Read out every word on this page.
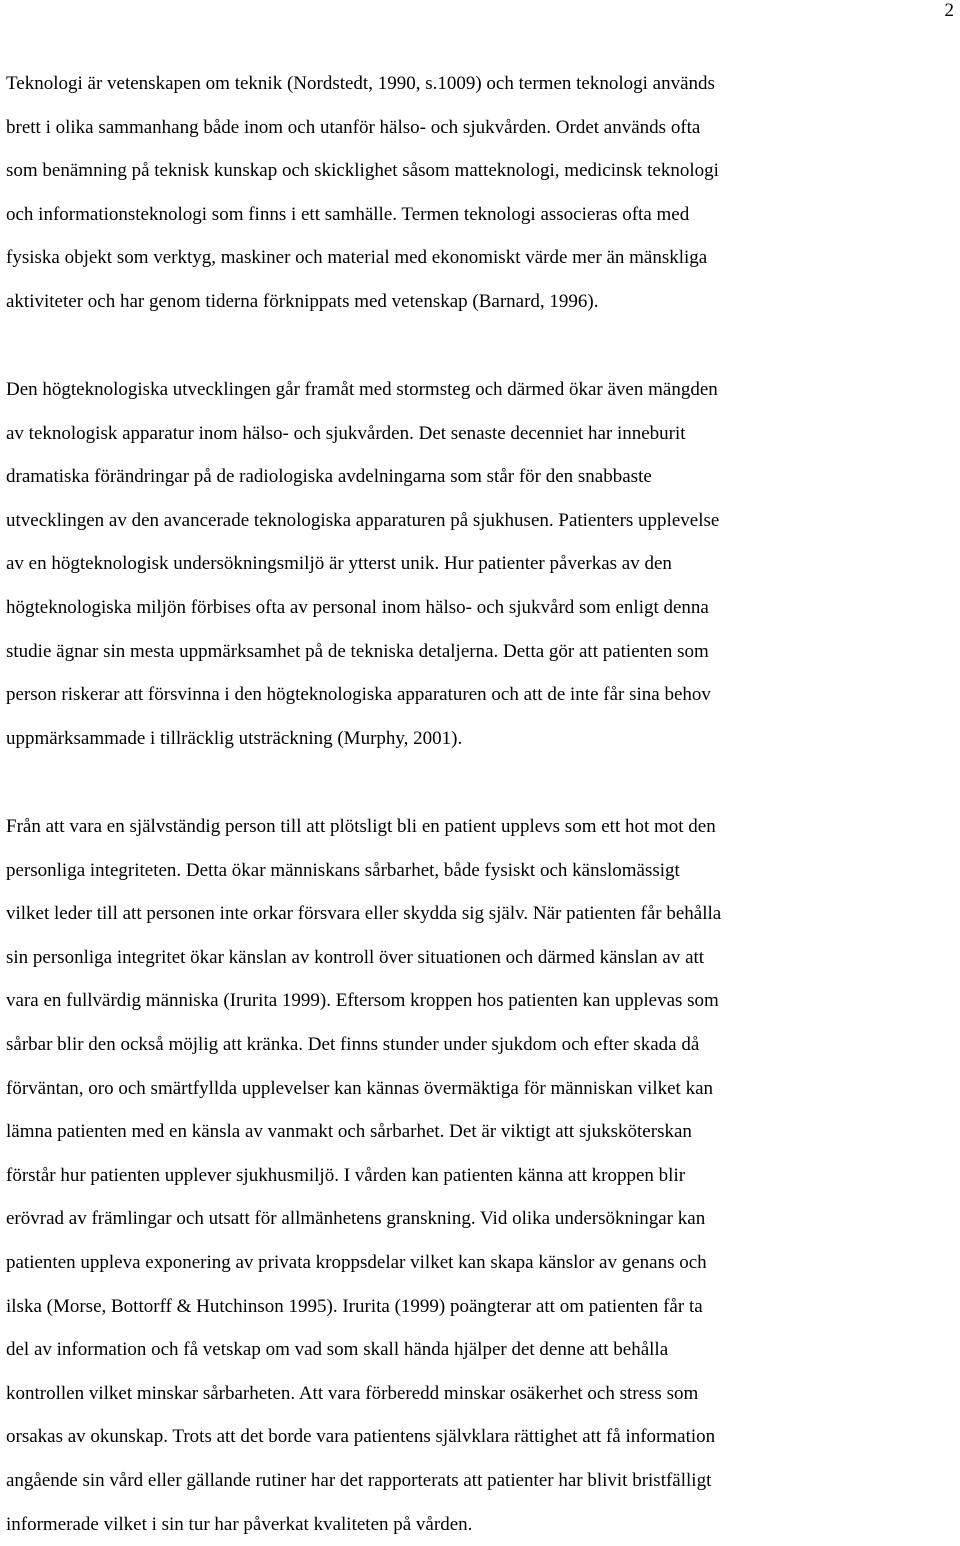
2

Teknologi är vetenskapen om teknik (Nordstedt, 1990, s.1009) och termen teknologi används
brett i olika sammanhang både inom och utanför hälso- och sjukvården. Ordet används ofta
som benämning på teknisk kunskap och skicklighet såsom matteknologi, medicinsk teknologi
och informationsteknologi som finns i ett samhälle. Termen teknologi associeras ofta med
fysiska objekt som verktyg, maskiner och material med ekonomiskt värde mer än mänskliga
aktiviteter och har genom tiderna förknippats med vetenskap (Barnard, 1996).

Den högteknologiska utvecklingen går framåt med stormsteg och därmed ökar även mängden
av teknologisk apparatur inom hälso- och sjukvården. Det senaste decenniet har inneburit
dramatiska förändringar på de radiologiska avdelningarna som står för den snabbaste
utvecklingen av den avancerade teknologiska apparaturen på sjukhusen. Patienters upplevelse
av en högteknologisk undersökningsmiljö är ytterst unik. Hur patienter påverkas av den
högteknologiska miljön förbises ofta av personal inom hälso- och sjukvård som enligt denna
studie ägnar sin mesta uppmärksamhet på de tekniska detaljerna. Detta gör att patienten som
person riskerar att försvinna i den högteknologiska apparaturen och att de inte får sina behov
uppmärksammade i tillräcklig utsträckning (Murphy, 2001).

Från att vara en självständig person till att plötsligt bli en patient upplevs som ett hot mot den
personliga integriteten. Detta ökar människans sårbarhet, både fysiskt och känslomässigt
vilket leder till att personen inte orkar försvara eller skydda sig själv. När patienten får behålla
sin personliga integritet ökar känslan av kontroll över situationen och därmed känslan av att
vara en fullvärdig människa (Irurita 1999). Eftersom kroppen hos patienten kan upplevas som
sårbar blir den också möjlig att kränka. Det finns stunder under sjukdom och efter skada då
förväntan, oro och smärtfyllda upplevelser kan kännas övermäktiga för människan vilket kan
lämna patienten med en känsla av vanmakt och sårbarhet. Det är viktigt att sjuksköterskan
förstår hur patienten upplever sjukhusmiljö. I vården kan patienten känna att kroppen blir
erövrad av främlingar och utsatt för allmänhetens granskning. Vid olika undersökningar kan
patienten uppleva exponering av privata kroppsdelar vilket kan skapa känslor av genans och
ilska (Morse, Bottorff & Hutchinson 1995). Irurita (1999) poängterar att om patienten får ta
del av information och få vetskap om vad som skall hända hjälper det denne att behålla
kontrollen vilket minskar sårbarheten. Att vara förberedd minskar osäkerhet och stress som
orsakas av okunskap. Trots att det borde vara patientens självklara rättighet att få information
angående sin vård eller gällande rutiner har det rapporterats att patienter har blivit bristfälligt
informerade vilket i sin tur har påverkat kvaliteten på vården.
